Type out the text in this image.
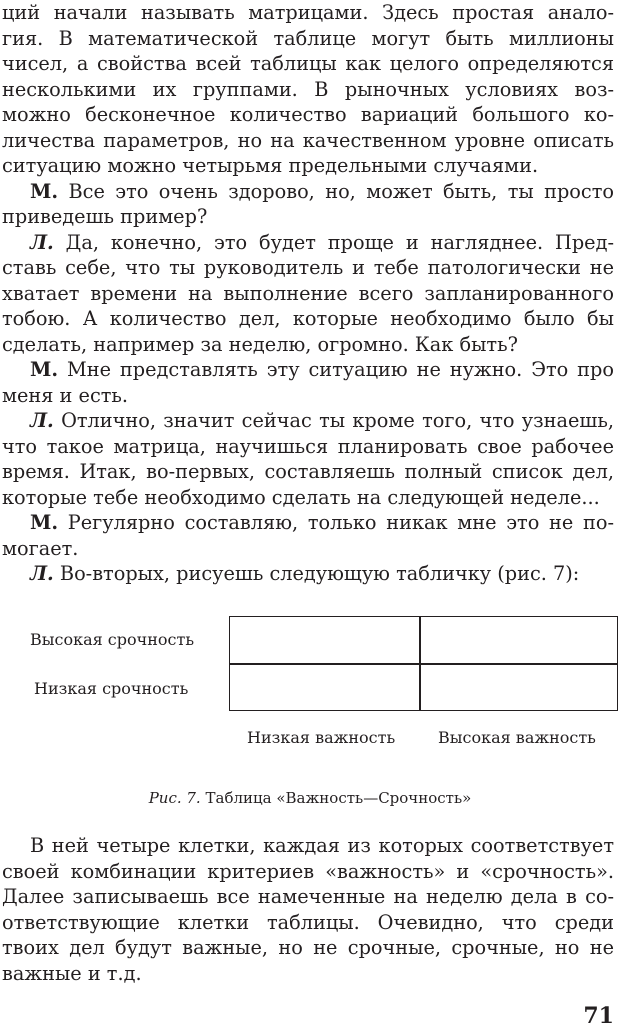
ций начали называть матрицами. Здесь простая анало-
гия. В математической таблице могут быть миллионы
чисел, а свойства всей таблицы как целого определяются
несколькими их группами. В рыночных условиях воз-
можно бесконечное количество вариаций большого ко-
личества параметров, но на качественном уровне описать
ситуацию можно четырьмя предельными случаями.
М. Все это очень здорово, но, может быть, ты просто
приведешь пример?
Л. Да, конечно, это будет проще и нагляднее. Пред-
ставь себе, что ты руководитель и тебе патологически не
хватает времени на выполнение всего запланированного
тобою. А количество дел, которые необходимо было бы
сделать, например за неделю, огромно. Как быть?
М. Мне представлять эту ситуацию не нужно. Это про
меня и есть.
Л. Отлично, значит сейчас ты кроме того, что узнаешь,
что такое матрица, научишься планировать свое рабочее
время. Итак, во-первых, составляешь полный список дел,
которые тебе необходимо сделать на следующей неделе...
М. Регулярно составляю, только никак мне это не по-
могает.
Л. Во-вторых, рисуешь следующую табличку (рис. 7):
Высокая срочность
Низкая срочность
Низкая важность	Высокая важность
Рис. 7. Таблица «Важность—Срочность»
В ней четыре клетки, каждая из которых соответствует
своей комбинации критериев «важность» и «срочность».
Далее записываешь все намеченные на неделю дела в со-
ответствующие клетки таблицы. Очевидно, что среди
твоих дел будут важные, но не срочные, срочные, но не
важные и т.д.
71
